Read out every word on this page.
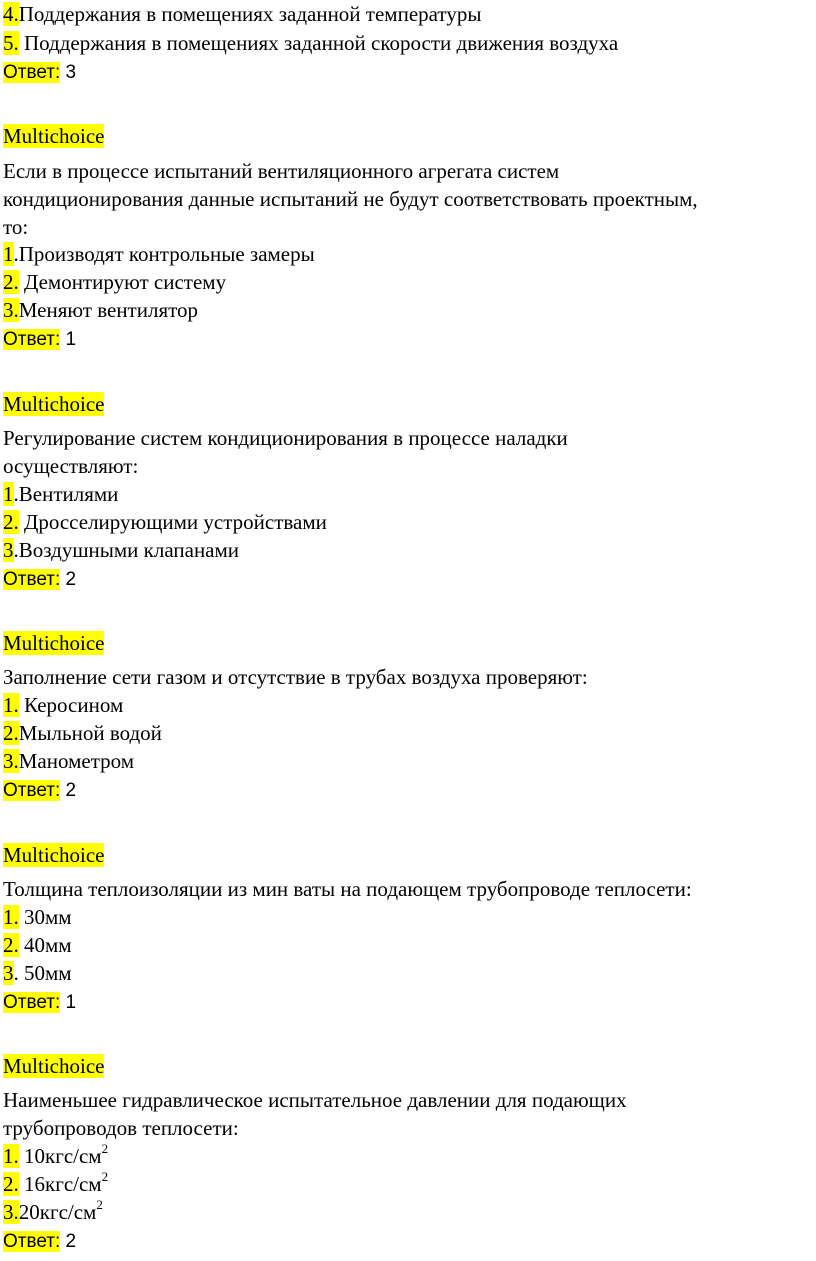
4.Поддержания в помещениях заданной температуры
5. Поддержания в помещениях заданной скорости движения воздуха
Ответ: 3
Multichoice
Если в процессе испытаний вентиляционного агрегата систем
кондиционирования данные испытаний не будут соответствовать проектным,
то:
1.Производят контрольные замеры
2. Демонтируют систему
3.Меняют вентилятор
Ответ: 1
Multichoice
Регулирование систем кондиционирования в процессе наладки
осуществляют:
1.Вентилями
2. Дросселирующими устройствами
3.Воздушными клапанами
Ответ: 2
Multichoice
Заполнение сети газом и отсутствие в трубах воздуха проверяют:
1. Керосином
2.Мыльной водой
3.Манометром
Ответ: 2
Multichoice
Толщина теплоизоляции из мин ваты на подающем трубопроводе теплосети:
1. 30мм
2. 40мм
3. 50мм
Ответ: 1
Multichoice
Наименьшее гидравлическое испытательное давлении для подающих
трубопроводов теплосети:
1. $10кгс/см^2$
2. $16кгс/см^2$
$3.20кгс/см^2$
Ответ: 2
